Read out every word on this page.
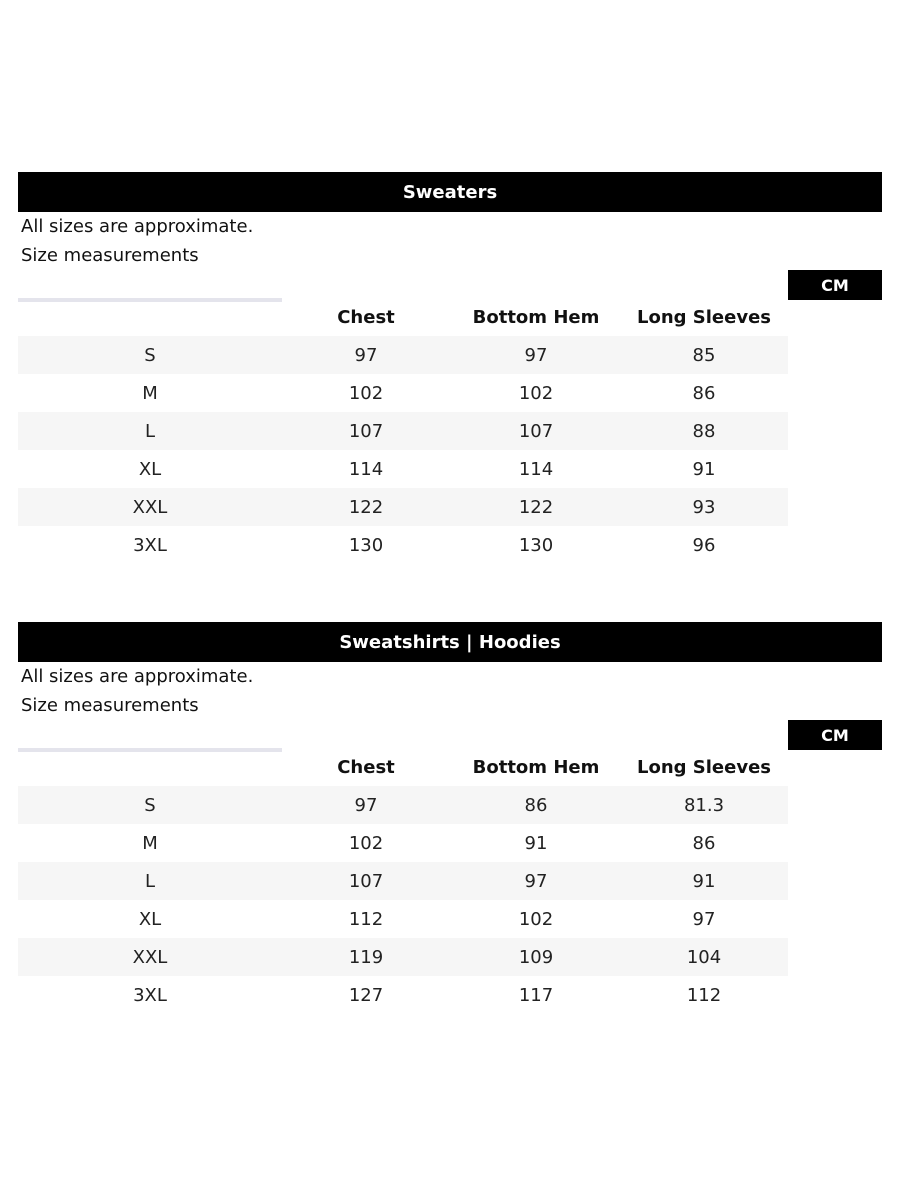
Sweaters
All sizes are approximate.
Size measurements
CM
Chest	Bottom Hem	Long Sleeves
S	97	97	85
M	102	102	86
L	107	107	88
XL	114	114	91
XXL	122	122	93
3XL	130	130	96
Sweatshirts | Hoodies
All sizes are approximate.
Size measurements
CM
Chest	Bottom Hem	Long Sleeves
S	97	86	81.3
M	102	91	86
L	107	97	91
XL	112	102	97
XXL	119	109	104
3XL	127	117	112
